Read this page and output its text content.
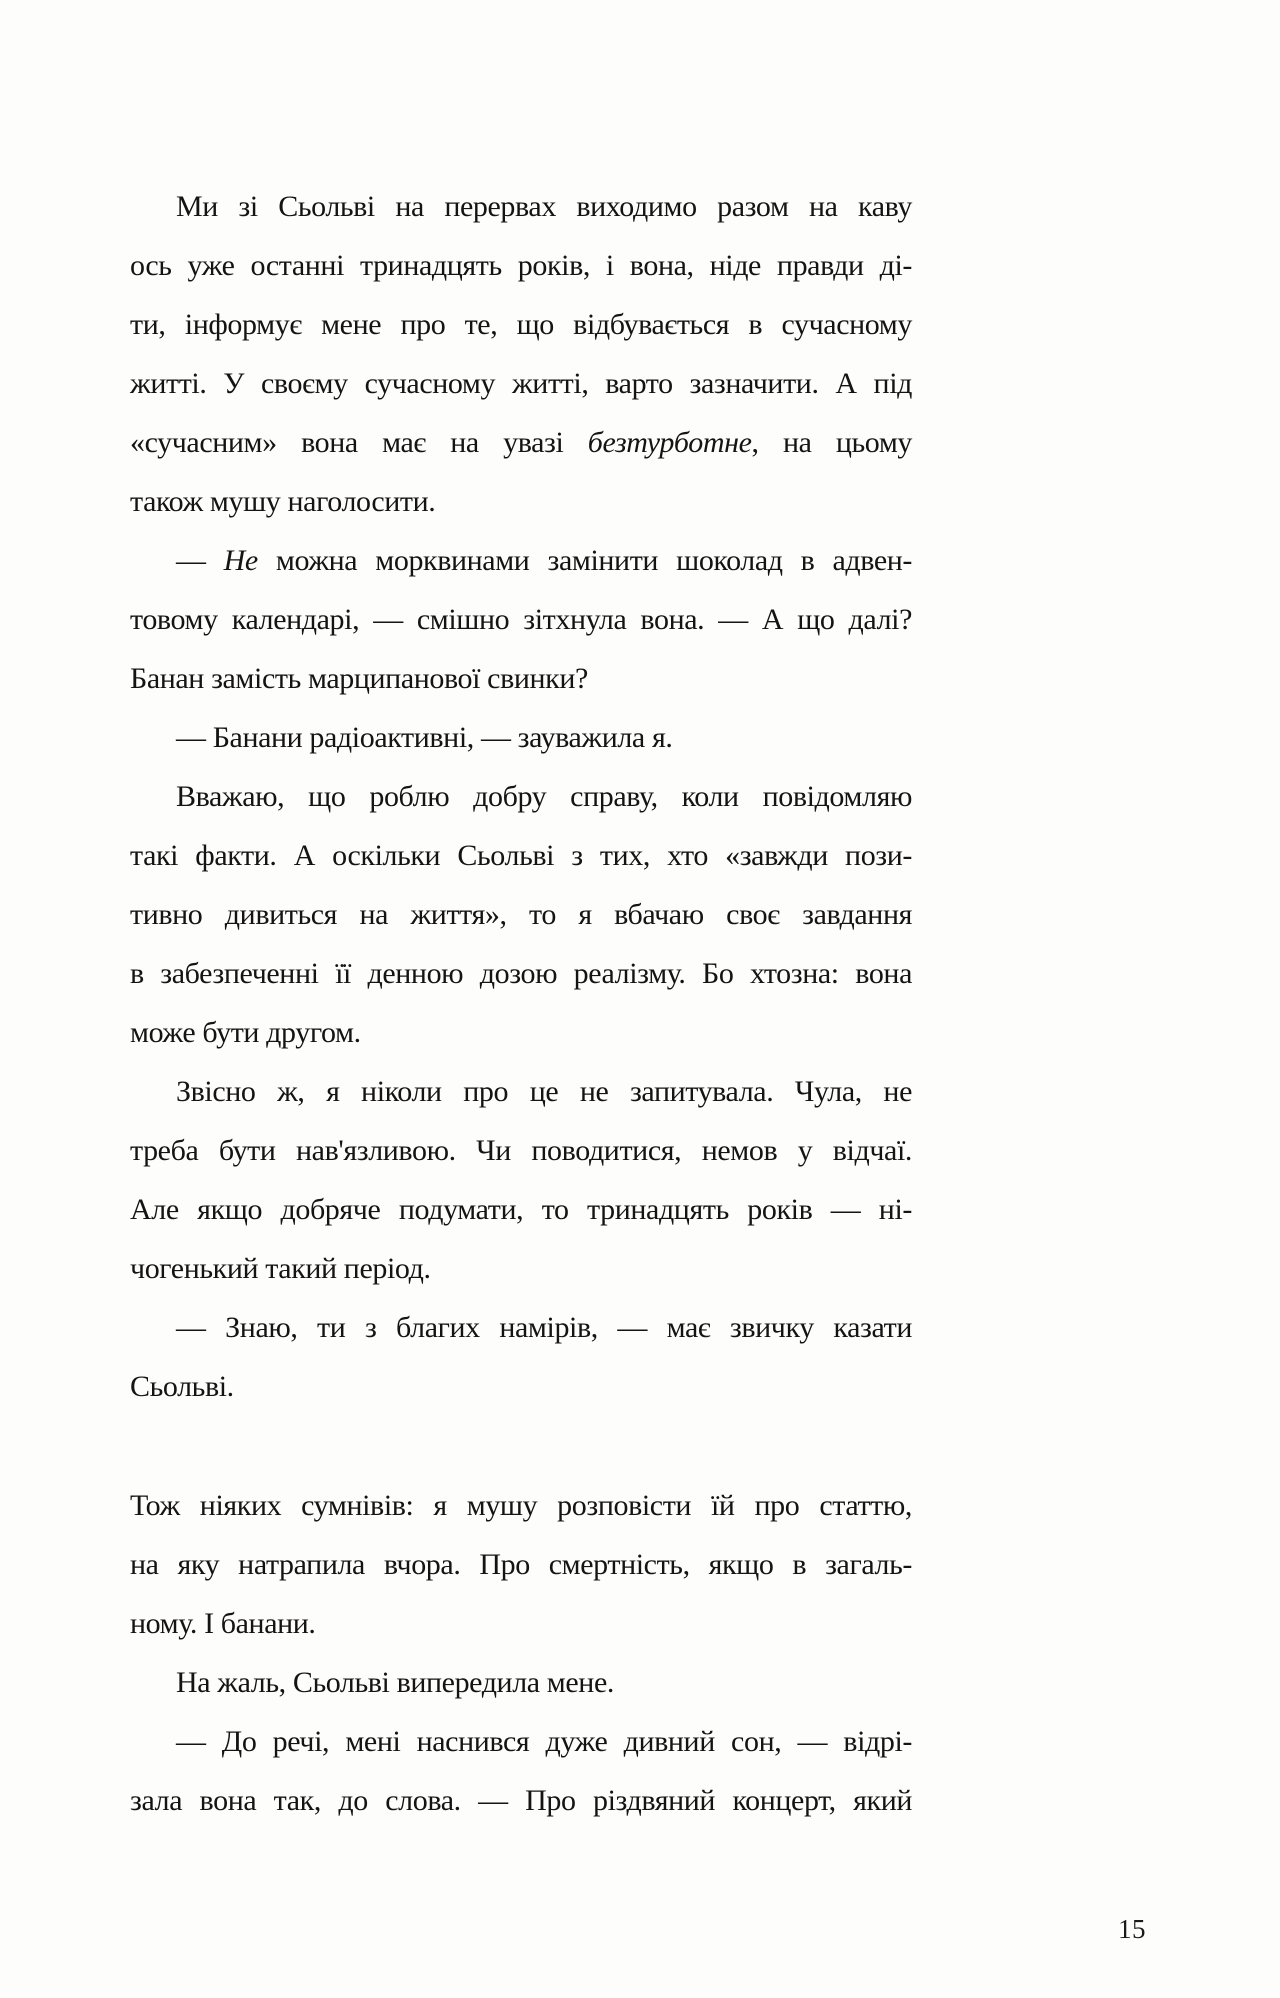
Ми зі Сьольві на перервах виходимо разом на каву
ось уже останні тринадцять років, і вона, ніде правди ді-
ти, інформує мене про те, що відбувається в сучасному
житті. У своєму сучасному житті, варто зазначити. А під
«сучасним» вона має на увазі безтурботне, на цьому
також мушу наголосити.
— Не можна морквинами замінити шоколад в адвен-
товому календарі, — смішно зітхнула вона. — А що далі?
Банан замість марципанової свинки?
— Банани радіоактивні, — зауважила я.
Вважаю, що роблю добру справу, коли повідомляю
такі факти. А оскільки Сьольві з тих, хто «завжди пози-
тивно дивиться на життя», то я вбачаю своє завдання
в забезпеченні її денною дозою реалізму. Бо хтозна: вона
може бути другом.
Звісно ж, я ніколи про це не запитувала. Чула, не
треба бути нав'язливою. Чи поводитися, немов у відчаї.
Але якщо добряче подумати, то тринадцять років — ні-
чогенький такий період.
— Знаю, ти з благих намірів, — має звичку казати
Сьольві.
Тож ніяких сумнівів: я мушу розповісти їй про статтю,
на яку натрапила вчора. Про смертність, якщо в загаль-
ному. І банани.
На жаль, Сьольві випередила мене.
— До речі, мені наснився дуже дивний сон, — відрі-
зала вона так, до слова. — Про різдвяний концерт, який
15
